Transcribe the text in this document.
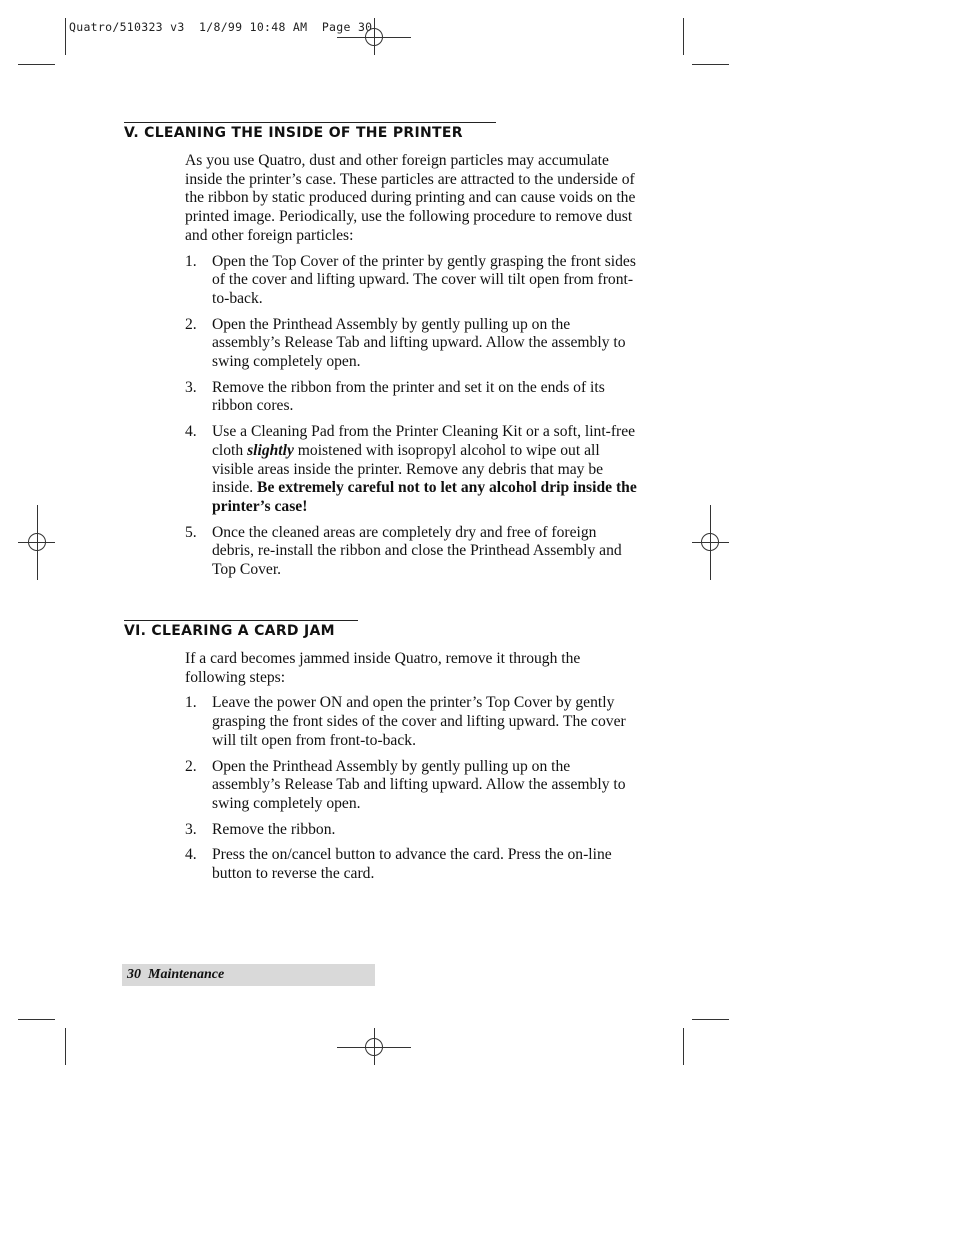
Quatro/510323 v3  1/8/99 10:48 AM  Page 30
V. CLEANING THE INSIDE OF THE PRINTER

As you use Quatro, dust and other foreign particles may accumulate inside the printer’s case. These particles are attracted to the underside of the ribbon by static produced during printing and can cause voids on the printed image. Periodically, use the following procedure to remove dust and other foreign particles:

1. Open the Top Cover of the printer by gently grasping the front sides of the cover and lifting upward. The cover will tilt open from front-to-back.
2. Open the Printhead Assembly by gently pulling up on the assembly’s Release Tab and lifting upward. Allow the assembly to swing completely open.
3. Remove the ribbon from the printer and set it on the ends of its ribbon cores.
4. Use a Cleaning Pad from the Printer Cleaning Kit or a soft, lint-free cloth slightly moistened with isopropyl alcohol to wipe out all visible areas inside the printer. Remove any debris that may be inside. Be extremely careful not to let any alcohol drip inside the printer’s case!
5. Once the cleaned areas are completely dry and free of foreign debris, re-install the ribbon and close the Printhead Assembly and Top Cover.
VI. CLEARING A CARD JAM

If a card becomes jammed inside Quatro, remove it through the following steps:

1. Leave the power ON and open the printer’s Top Cover by gently grasping the front sides of the cover and lifting upward. The cover will tilt open from front-to-back.
2. Open the Printhead Assembly by gently pulling up on the assembly’s Release Tab and lifting upward. Allow the assembly to swing completely open.
3. Remove the ribbon.
4. Press the on/cancel button to advance the card. Press the on-line button to reverse the card.
30 Maintenance
